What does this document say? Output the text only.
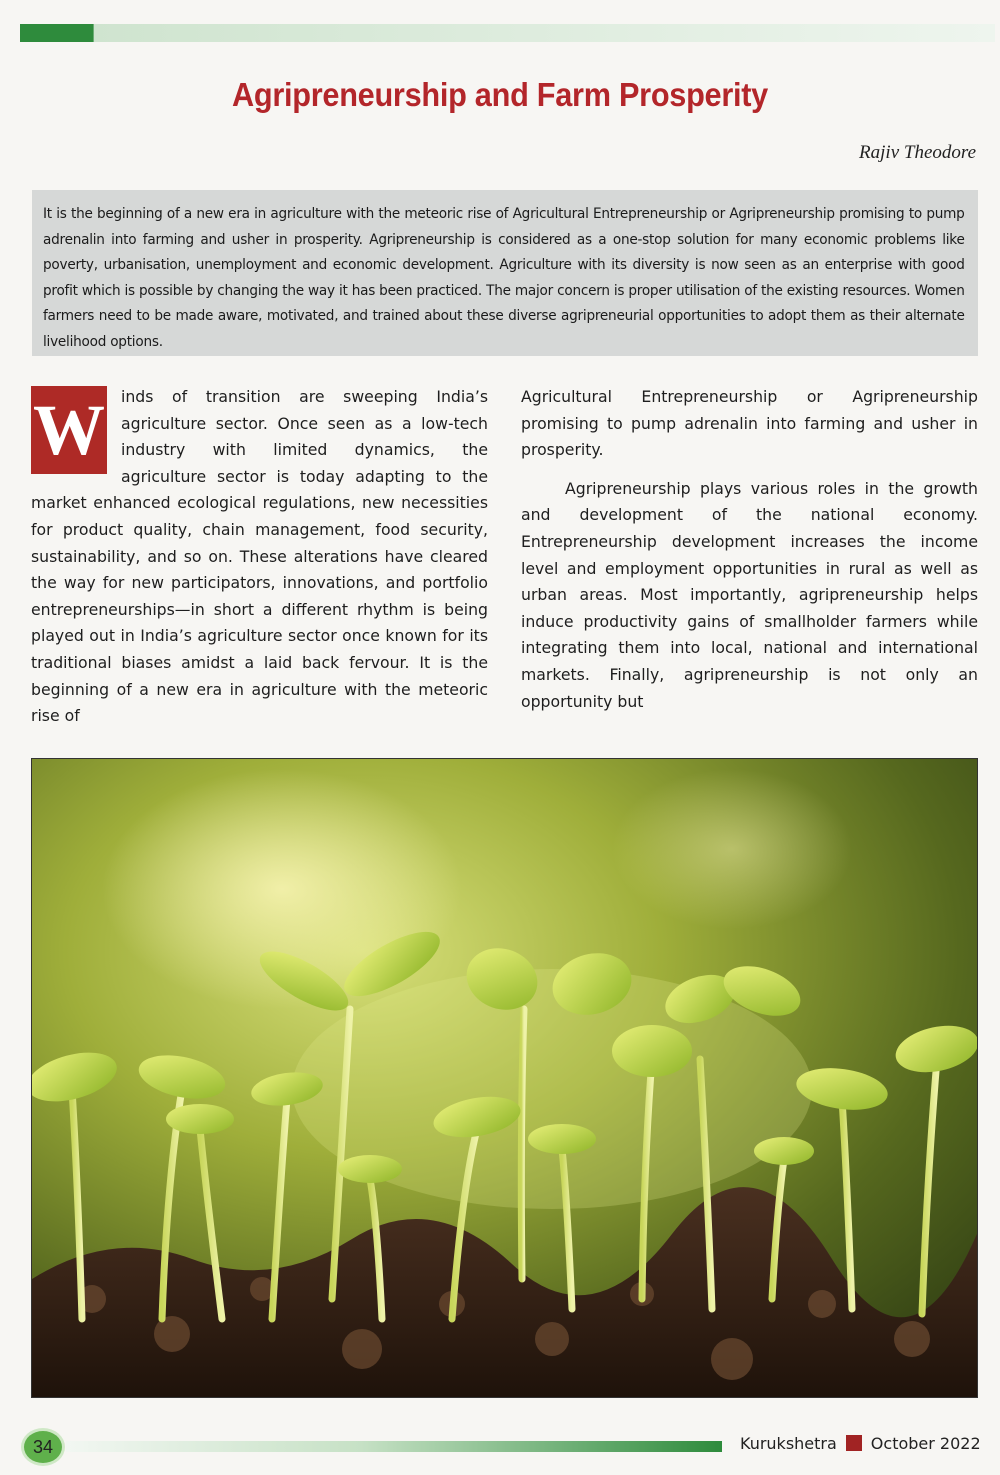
Agripreneurship and Farm Prosperity
Rajiv Theodore

It is the beginning of a new era in agriculture with the meteoric rise of Agricultural Entrepreneurship or Agripreneurship promising to pump adrenalin into farming and usher in prosperity. Agripreneurship is considered as a one-stop solution for many economic problems like poverty, urbanisation, unemployment and economic development. Agriculture with its diversity is now seen as an enterprise with good profit which is possible by changing the way it has been practiced. The major concern is proper utilisation of the existing resources. Women farmers need to be made aware, motivated, and trained about these diverse agripreneurial opportunities to adopt them as their alternate livelihood options.

W	inds of transition are sweeping India’s agriculture sector. Once seen as a low-tech industry with limited dynamics, the agriculture sector is today adapting to the market enhanced ecological regulations, new necessities for product quality, chain management, food security, sustainability, and so on. These alterations have cleared the way for new participators, innovations, and portfolio entrepreneurships—in short a different rhythm is being played out in India’s agriculture sector once known for its traditional biases amidst a laid back fervour. It is the beginning of a new era in agriculture with the meteoric rise of

Agricultural Entrepreneurship or Agripreneurship promising to pump adrenalin into farming and usher in prosperity.

Agripreneurship plays various roles in the growth and development of the national economy. Entrepreneurship development increases the income level and employment opportunities in rural as well as urban areas. Most importantly, agripreneurship helps induce productivity gains of smallholder farmers while integrating them into local, national and international markets. Finally, agripreneurship is not only an opportunity but

34	Kurukshetra October 2022
